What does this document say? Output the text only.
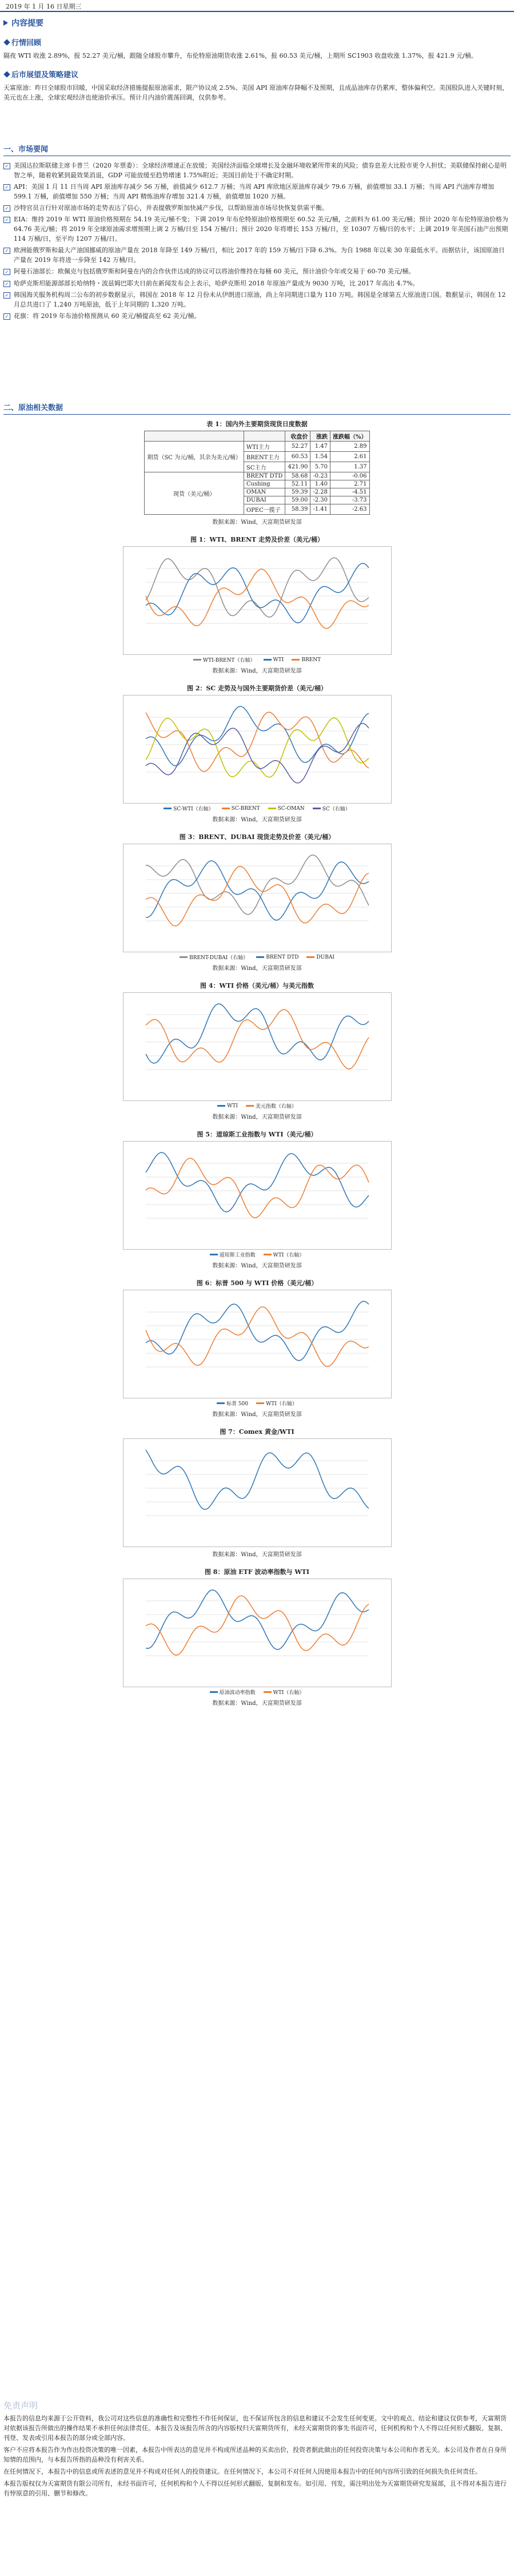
2019 年 1 月 16 日星期三
内容提要
行情回顾

隔夜 WTI 收涨 2.89%，报 52.27 美元/桶，跟随全球股市攀升，布伦特原油期货收涨 2.61%，报 60.53 美元/桶，上期所 SC1903 收盘收涨 1.37%，报 421.9 元/桶。

后市展望及策略建议

天富原油：昨日全球股市回暖，中国采取经济措施提振原油需求，限产协议成 2.5%、美国 API 原油库存降幅不及预期，且成品油库存仍累库，整体偏利空。美国股队进入关键时刻，美元也在上涨，全球宏观经济也使油价承压。预计月内油价震荡回调，仅供参考。

一、市场要闻
✓ 美国达拉斯联储主席卡普兰（2020 年票委）：全球经济增速正在放缓；美国经济面临全球增长及金融环境收紧所带来的风险；债券息差大比股市更令人担忧；美联储保持耐心是明智之举，随着收紧到最效果消退，GDP 可能放缓至趋势增速 1.75%附近；美国目前处于不确定时期。
✓ API：美国 1 月 11 日当周 API 原油库存减少 56 万桶，前值减少 612.7 万桶；当周 API 库欣地区原油库存减少 79.6 万桶，前值增加 33.1 万桶；当周 API 汽油库存增加 599.1 万桶，前值增加 550 万桶；当周 API 精炼油库存增加 321.4 万桶，前值增加 1020 万桶。
✓ 沙特官员言行针对原油市场的走势表达了信心，并表提俄罗斯加快减产步伐，以帮助原油市场尽快恢复供需平衡。
✓ EIA：维持 2019 年 WTI 原油价格预期在 54.19 美元/桶不变；下调 2019 年布伦特原油价格预期至 60.52 美元/桶，之前料为 61.00 美元/桶；预计 2020 年布伦特原油价格为 64.76 美元/桶；将 2019 年全球原油需求增预期上调 2 万桶/日至 154 万桶/日；预计 2020 年将增长 153 万桶/日，至 10307 万桶/日的水平；上调 2019 年美国石油产出预期 114 万桶/日，至平均 1207 万桶/日。
✓ 欧洲能俄罗斯和最大产油国挪威的原油产量在 2018 年降至 149 万桶/日，相比 2017 年的 159 万桶/日下降 6.3%。为自 1988 年以来 30 年最低水平。而据估计，该国原油日产量在 2019 年将进一步降至 142 万桶/日。
✓ 阿曼石油部长：欧佩克与包括俄罗斯和阿曼在内的合作伙伴达成的协议可以将油价维持在每桶 60 美元，预计油价今年或交易于 60-70 美元/桶。
✓ 哈萨克斯坦能源部部长哈纳特・波兹姆巴耶夫日前在新闻发布会上表示，哈萨克斯坦 2018 年原油产量成为 9030 万吨，比 2017 年高出 4.7%。
✓ 韩国海关服务机构周二公布的初步数据显示，韩国在 2018 年 12 月份未从伊朗进口原油，尚上年同期进口量为 110 万吨。韩国是全球第五大原油进口国。数据显示，韩国在 12 月总共进口了 1,240 万吨原油，低于上年同期的 1,320 万吨。
✓ 花旗：将 2019 年布油价格预测从 60 美元/桶提高至 62 美元/桶。
二、原油相关数据
表 1：国内外主要期货现货日度数据
		收盘价	涨跌	涨跌幅（%）
期货（SC 为元/桶，其余为美元/桶）	WTI主力	52.27	1.47	2.89
	BRENT主力	60.53	1.54	2.61
	SC主力	421.90	5.70	1.37
现货（美元/桶）	BRENT DTD	58.68	-0.23	-0.06
	Cushing	52.11	1.40	2.71
	OMAN	59.39	-2.28	-4.51
	DUBAI	59.00	-2.30	-3.73
	OPEC一揽子	58.39	-1.41	-2.63
数据来源：Wind，天富期货研发部
图 1：WTI、BRENT 走势及价差（美元/桶）
WTI-BRENT（右轴）	WTI	BRENT
数据来源：Wind，天富期货研发部
图 2：SC 走势及与国外主要期货价差（美元/桶）
SC-WTI（右轴）	SC-BRENT	SC-OMAN	SC（右轴）
数据来源：Wind，天富期货研发部
图 3：BRENT、DUBAI 现货走势及价差（美元/桶）
BRENT-DUBAI（右轴）	BRENT DTD	DUBAI
数据来源：Wind，天富期货研发部
图 4：WTI 价格（美元/桶）与美元指数
WTI	美元指数（右轴）
数据来源：Wind，天富期货研发部
图 5：道琼斯工业指数与 WTI（美元/桶）
道琼斯工业指数	WTI（右轴）
数据来源：Wind，天富期货研发部
图 6：标普 500 与 WTI 价格（美元/桶）
标普 500	WTI（右轴）
数据来源：Wind，天富期货研发部
图 7：Comex 黄金/WTI
数据来源：Wind，天富期货研发部
图 8：原油 ETF 波动率指数与 WTI
原油波动率指数	WTI（右轴）
数据来源：Wind，天富期货研发部
免责声明

本报告的信息均来源于公开资料，我公司对这些信息的准确性和完整性不作任何保证，也不保证所包含的信息和建议不会发生任何变更。文中的观点、结论和建议仅供参考，天富期货对依据该报告所做出的操作结果不承担任何法律责任。本报告及该报告所含的内容版权归天富期货所有，未经天富期货的事先书面许可，任何机构和个人不得以任何形式翻版、复制、刊登、发表或引用本报告的部分或全部内容。

客户不应将本报告作为作出投资决策的唯一因素，本报告中所表达的意见并不构成所述品种的买卖出价，投资者据此做出的任何投资决策与本公司和作者无关。本公司及作者在自身所知情的范围内，与本报告所指的品种没有利害关系。

在任何情况下，本报告中的信息或所表述的意见并不构成对任何人的投资建议。在任何情况下，本公司不对任何人因使用本报告中的任何内容所引致的任何损失负任何责任。

本报告版权仅为天富期货有限公司所有，未经书面许可，任何机构和个人不得以任何形式翻版、复制和发布。如引用、刊发，需注明出处为天富期货研究发展部，且不得对本报告进行有悖原意的引用、删节和修改。
